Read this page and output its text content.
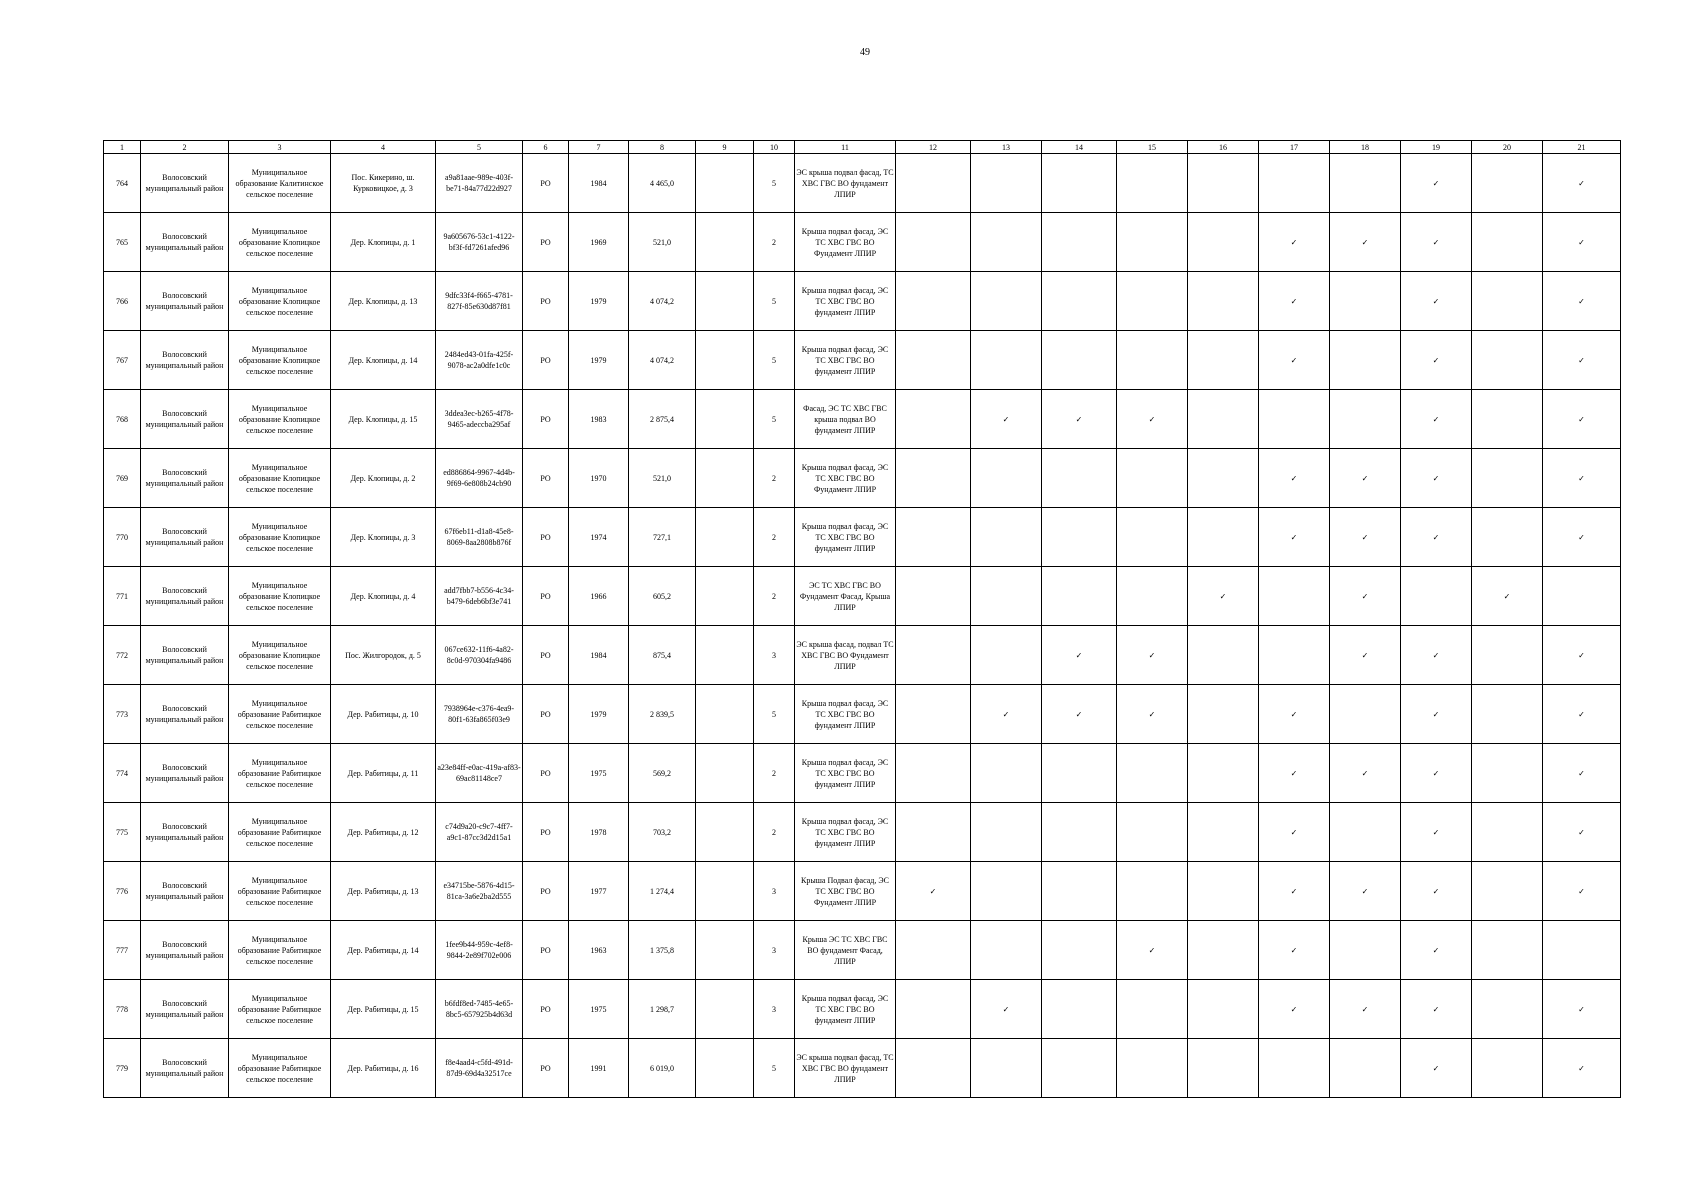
49
1	2	3	4	5	6	7	8	9	10	11	12	13	14	15	16	17	18	19	20	21
764	Волосовский муниципальный район	Муниципальное образование Калитинское сельское поселение	Пос. Кикерино, ш. Курковицкое, д. 3	a9a81aae-989e-403f-be71-84a77d22d927	РО	1984	4 465,0		5	ЭС крыша подвал фасад, ТС ХВС ГВС ВО фундамент ЛПИР								✓		✓
765	Волосовский муниципальный район	Муниципальное образование Клопицкое сельское поселение	Дер. Клопицы, д. 1	9a605676-53c1-4122-bf3f-fd7261afed96	РО	1969	521,0		2	Крыша подвал фасад, ЭС ТС ХВС ГВС ВО Фундамент ЛПИР						✓	✓	✓		✓
766	Волосовский муниципальный район	Муниципальное образование Клопицкое сельское поселение	Дер. Клопицы, д. 13	9dfc33f4-f665-4781-827f-85e630d87f81	РО	1979	4 074,2		5	Крыша подвал фасад, ЭС ТС ХВС ГВС ВО фундамент ЛПИР						✓		✓		✓
767	Волосовский муниципальный район	Муниципальное образование Клопицкое сельское поселение	Дер. Клопицы, д. 14	2484ed43-01fa-425f-9078-ac2a0dfe1c0c	РО	1979	4 074,2		5	Крыша подвал фасад, ЭС ТС ХВС ГВС ВО фундамент ЛПИР						✓		✓		✓
768	Волосовский муниципальный район	Муниципальное образование Клопицкое сельское поселение	Дер. Клопицы, д. 15	3ddea3ec-b265-4f78-9465-adeccba295af	РО	1983	2 875,4		5	Фасад, ЭС ТС ХВС ГВС крыша подвал ВО фундамент ЛПИР		✓	✓	✓				✓		✓
769	Волосовский муниципальный район	Муниципальное образование Клопицкое сельское поселение	Дер. Клопицы, д. 2	ed886864-9967-4d4b-9f69-6e808b24cb90	РО	1970	521,0		2	Крыша подвал фасад, ЭС ТС ХВС ГВС ВО Фундамент ЛПИР						✓	✓	✓		✓
770	Волосовский муниципальный район	Муниципальное образование Клопицкое сельское поселение	Дер. Клопицы, д. 3	67f6eb11-d1a8-45e8-8069-8aa2808b876f	РО	1974	727,1		2	Крыша подвал фасад, ЭС ТС ХВС ГВС ВО фундамент ЛПИР						✓	✓	✓		✓
771	Волосовский муниципальный район	Муниципальное образование Клопицкое сельское поселение	Дер. Клопицы, д. 4	add7fbb7-b556-4c34-b479-6deb6bf3e741	РО	1966	605,2		2	ЭС ТС ХВС ГВС ВО Фундамент Фасад, Крыша ЛПИР					✓		✓		✓	
772	Волосовский муниципальный район	Муниципальное образование Клопицкое сельское поселение	Пос. Жилгородок, д. 5	067ce632-11f6-4a82-8c0d-970304fa9486	РО	1984	875,4		3	ЭС крыша фасад, подвал ТС ХВС ГВС ВО Фундамент ЛПИР			✓	✓			✓	✓		✓
773	Волосовский муниципальный район	Муниципальное образование Рабитицкое сельское поселение	Дер. Рабитицы, д. 10	7938964e-c376-4ea9-80f1-63fa865f03e9	РО	1979	2 839,5		5	Крыша подвал фасад, ЭС ТС ХВС ГВС ВО фундамент ЛПИР		✓	✓	✓		✓		✓		✓
774	Волосовский муниципальный район	Муниципальное образование Рабитицкое сельское поселение	Дер. Рабитицы, д. 11	a23e84ff-e0ac-419a-af83-69ac81148ce7	РО	1975	569,2		2	Крыша подвал фасад, ЭС ТС ХВС ГВС ВО фундамент ЛПИР						✓	✓	✓		✓
775	Волосовский муниципальный район	Муниципальное образование Рабитицкое сельское поселение	Дер. Рабитицы, д. 12	c74d9a20-c9c7-4ff7-a9c1-87cc3d2d15a1	РО	1978	703,2		2	Крыша подвал фасад, ЭС ТС ХВС ГВС ВО фундамент ЛПИР						✓		✓		✓
776	Волосовский муниципальный район	Муниципальное образование Рабитицкое сельское поселение	Дер. Рабитицы, д. 13	e34715be-5876-4d15-81ca-3a6e2ba2d555	РО	1977	1 274,4		3	Крыша Подвал фасад, ЭС ТС ХВС ГВС ВО Фундамент ЛПИР	✓					✓	✓	✓		✓
777	Волосовский муниципальный район	Муниципальное образование Рабитицкое сельское поселение	Дер. Рабитицы, д. 14	1fee9b44-959c-4ef8-9844-2e89f702e006	РО	1963	1 375,8		3	Крыша ЭС ТС ХВС ГВС ВО фундамент Фасад, ЛПИР				✓		✓		✓		
778	Волосовский муниципальный район	Муниципальное образование Рабитицкое сельское поселение	Дер. Рабитицы, д. 15	b6fdf8ed-7485-4e65-8bc5-657925b4d63d	РО	1975	1 298,7		3	Крыша подвал фасад, ЭС ТС ХВС ГВС ВО фундамент ЛПИР		✓				✓	✓	✓		✓
779	Волосовский муниципальный район	Муниципальное образование Рабитицкое сельское поселение	Дер. Рабитицы, д. 16	f8e4aad4-c5fd-491d-87d9-69d4a32517ce	РО	1991	6 019,0		5	ЭС крыша подвал фасад, ТС ХВС ГВС ВО фундамент ЛПИР								✓		✓
